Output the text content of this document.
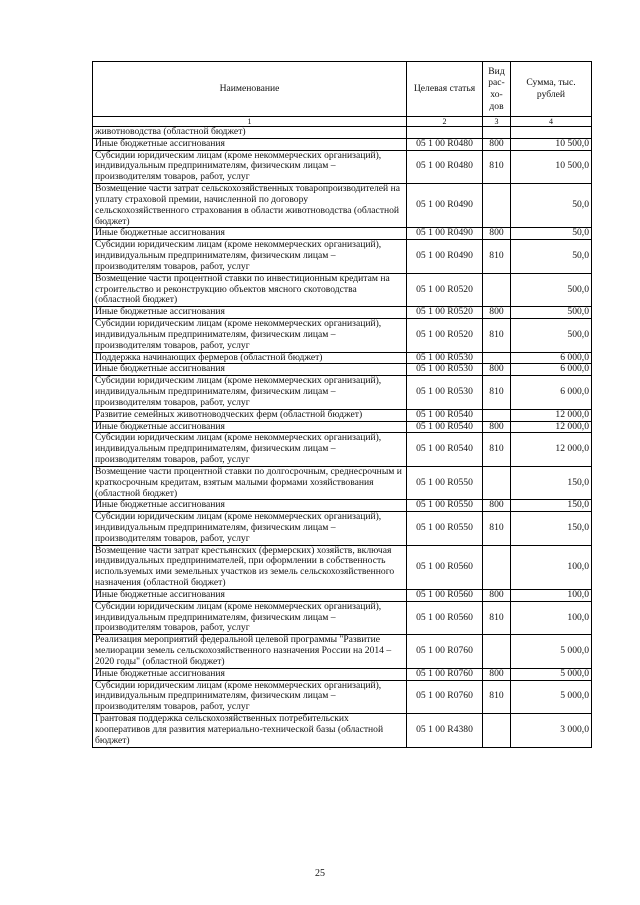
Наименование	Целевая статья	Вид рас-хо-дов	Сумма, тыс. рублей
1	2	3	4
животноводства (областной бюджет)			
Иные бюджетные ассигнования	05 1 00 R0480	800	10 500,0
Субсидии юридическим лицам (кроме некоммерческих организаций), индивидуальным предпринимателям, физическим лицам – производителям товаров, работ, услуг	05 1 00 R0480	810	10 500,0
Возмещение части затрат сельскохозяйственных товаропроизводителей на уплату страховой премии, начисленной по договору сельскохозяйственного страхования в области животноводства (областной бюджет)	05 1 00 R0490		50,0
Иные бюджетные ассигнования	05 1 00 R0490	800	50,0
Субсидии юридическим лицам (кроме некоммерческих организаций), индивидуальным предпринимателям, физическим лицам – производителям товаров, работ, услуг	05 1 00 R0490	810	50,0
Возмещение части процентной ставки по инвестиционным кредитам на строительство и реконструкцию объектов мясного скотоводства (областной бюджет)	05 1 00 R0520		500,0
Иные бюджетные ассигнования	05 1 00 R0520	800	500,0
Субсидии юридическим лицам (кроме некоммерческих организаций), индивидуальным предпринимателям, физическим лицам – производителям товаров, работ, услуг	05 1 00 R0520	810	500,0
Поддержка начинающих фермеров (областной бюджет)	05 1 00 R0530		6 000,0
Иные бюджетные ассигнования	05 1 00 R0530	800	6 000,0
Субсидии юридическим лицам (кроме некоммерческих организаций), индивидуальным предпринимателям, физическим лицам – производителям товаров, работ, услуг	05 1 00 R0530	810	6 000,0
Развитие семейных животноводческих ферм (областной бюджет)	05 1 00 R0540		12 000,0
Иные бюджетные ассигнования	05 1 00 R0540	800	12 000,0
Субсидии юридическим лицам (кроме некоммерческих организаций), индивидуальным предпринимателям, физическим лицам – производителям товаров, работ, услуг	05 1 00 R0540	810	12 000,0
Возмещение части процентной ставки по долгосрочным, среднесрочным и краткосрочным кредитам, взятым малыми формами хозяйствования (областной бюджет)	05 1 00 R0550		150,0
Иные бюджетные ассигнования	05 1 00 R0550	800	150,0
Субсидии юридическим лицам (кроме некоммерческих организаций), индивидуальным предпринимателям, физическим лицам – производителям товаров, работ, услуг	05 1 00 R0550	810	150,0
Возмещение части затрат крестьянских (фермерских) хозяйств, включая индивидуальных предпринимателей, при оформлении в собственность используемых ими земельных участков из земель сельскохозяйственного назначения (областной бюджет)	05 1 00 R0560		100,0
Иные бюджетные ассигнования	05 1 00 R0560	800	100,0
Субсидии юридическим лицам (кроме некоммерческих организаций), индивидуальным предпринимателям, физическим лицам – производителям товаров, работ, услуг	05 1 00 R0560	810	100,0
Реализация мероприятий федеральной целевой программы "Развитие мелиорации земель сельскохозяйственного назначения России на 2014 – 2020 годы" (областной бюджет)	05 1 00 R0760		5 000,0
Иные бюджетные ассигнования	05 1 00 R0760	800	5 000,0
Субсидии юридическим лицам (кроме некоммерческих организаций), индивидуальным предпринимателям, физическим лицам – производителям товаров, работ, услуг	05 1 00 R0760	810	5 000,0
Грантовая поддержка сельскохозяйственных потребительских кооперативов для развития материально-технической базы (областной бюджет)	05 1 00 R4380		3 000,0
25
